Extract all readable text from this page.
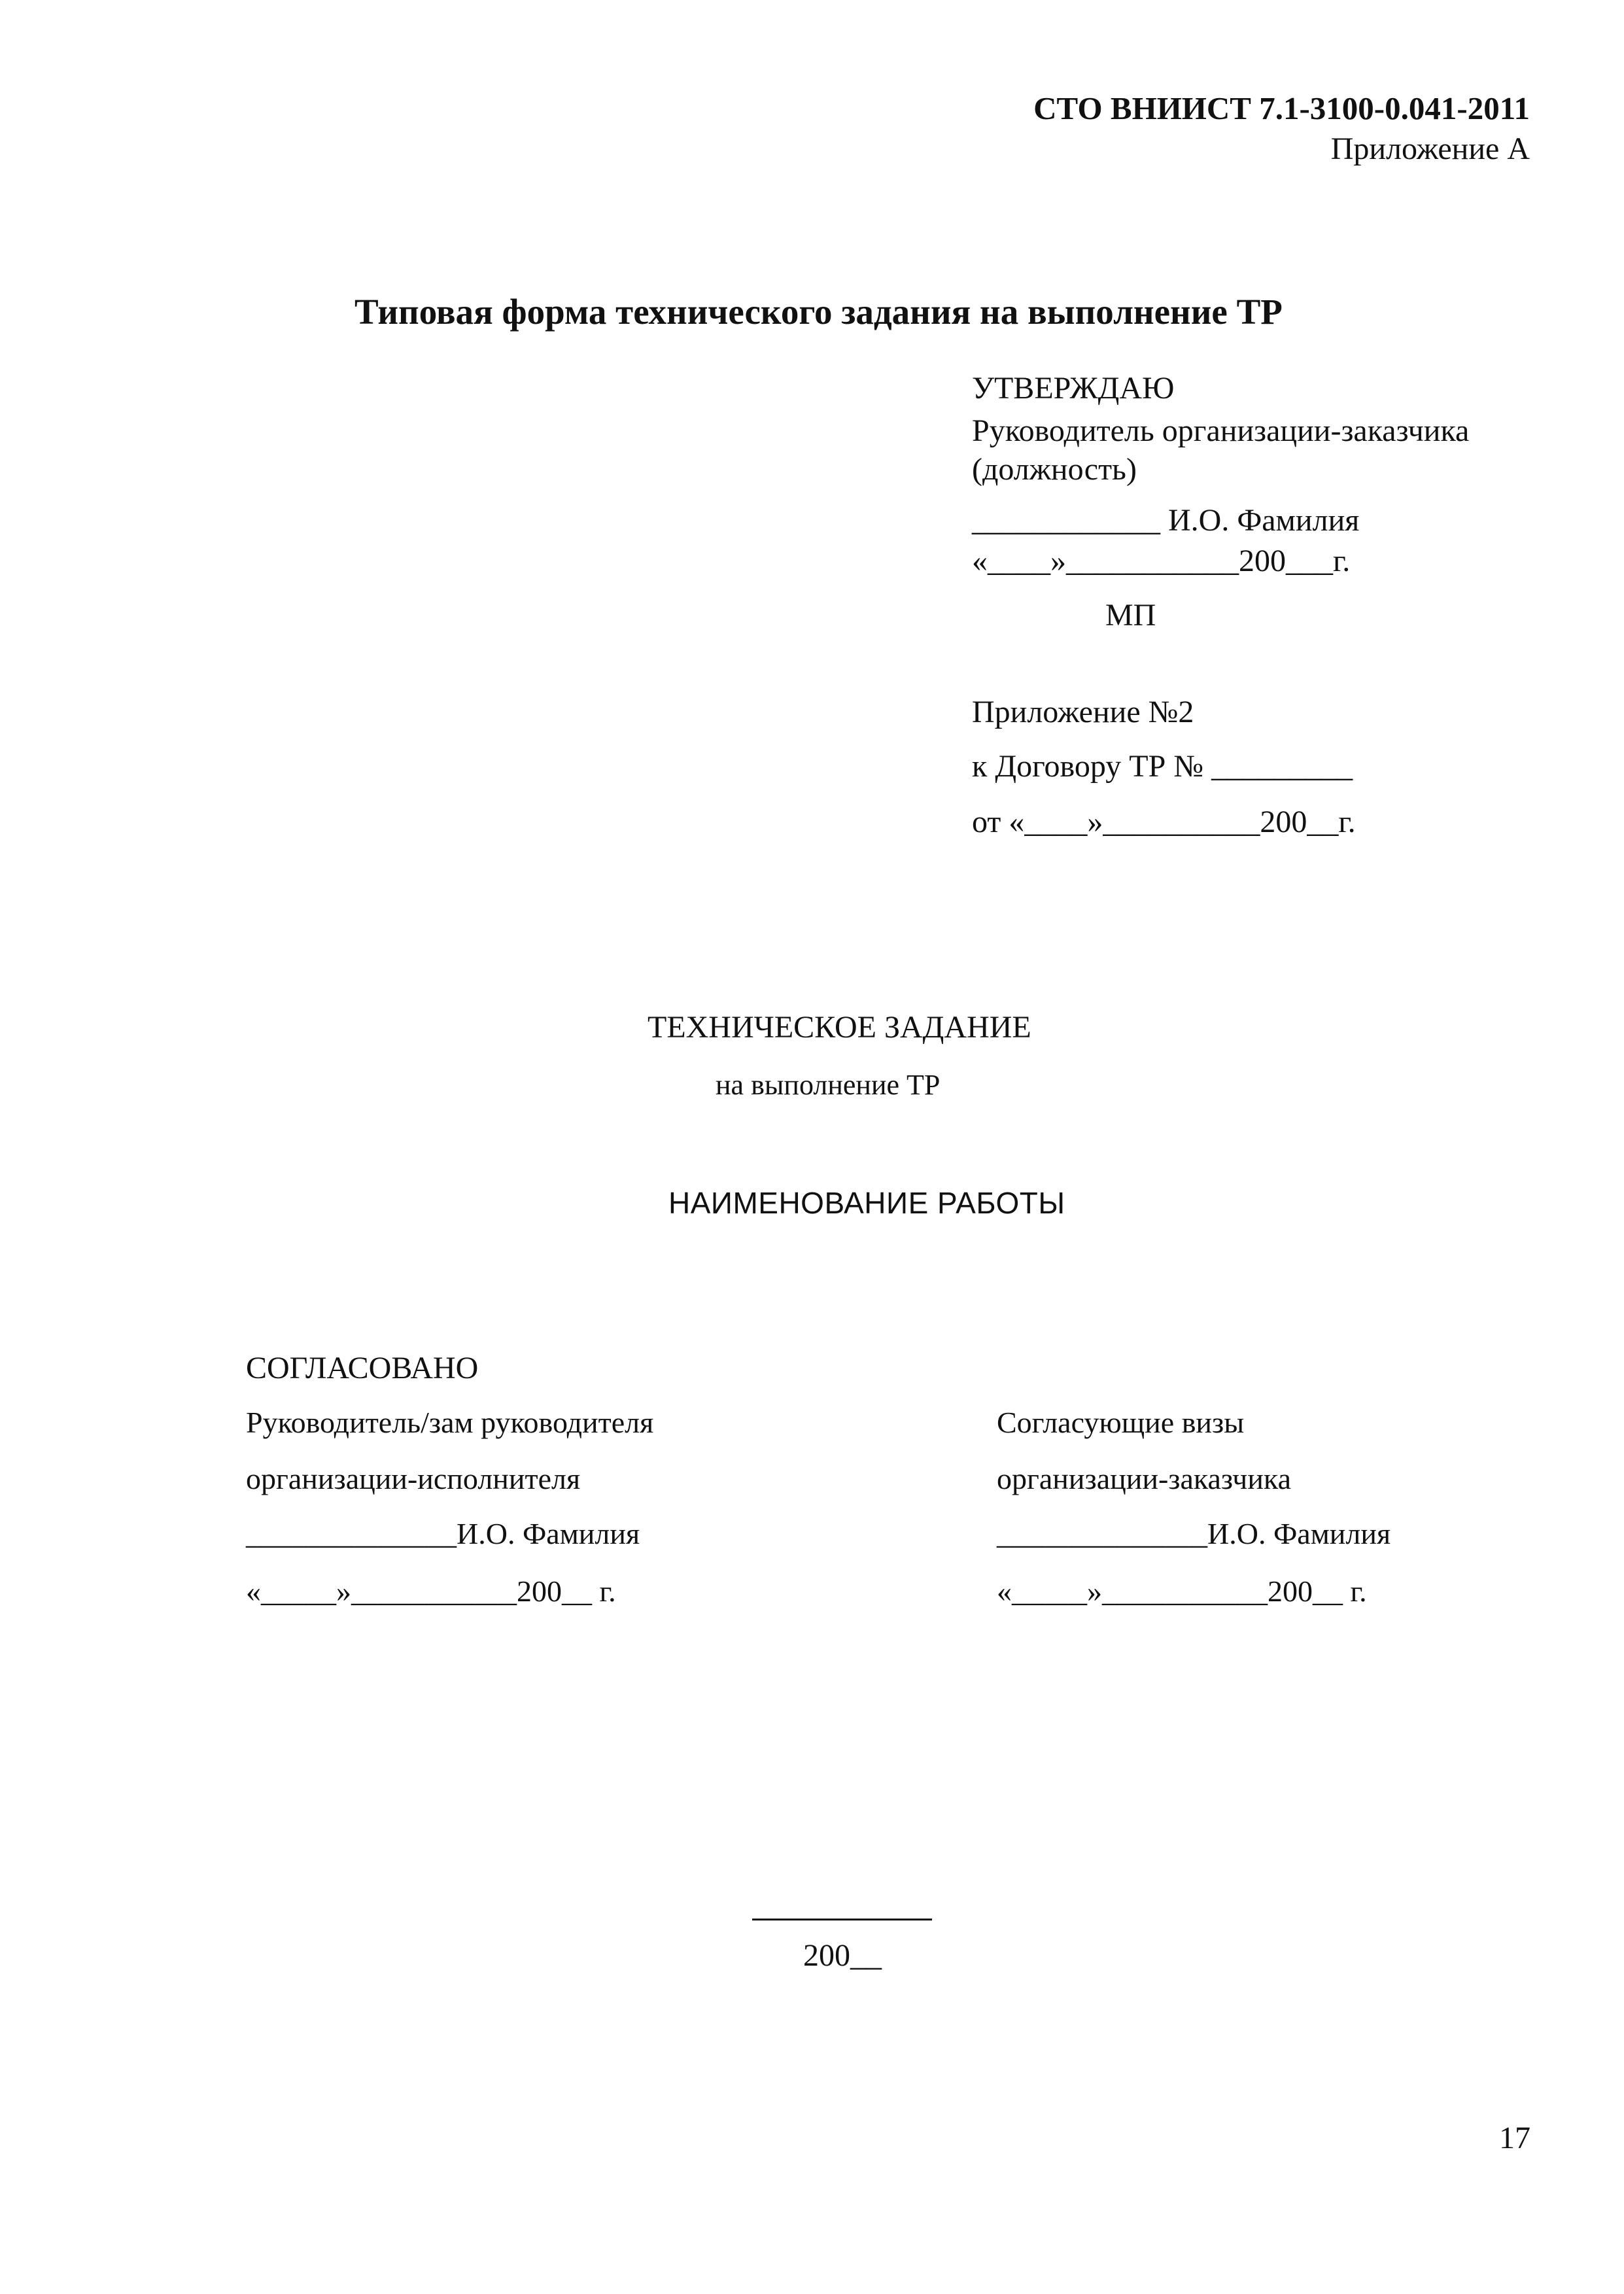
СТО ВНИИСТ 7.1-3100-0.041-2011
Приложение А
Типовая форма технического задания на выполнение ТР
УТВЕРЖДАЮ
Руководитель организации-заказчика
(должность)
____________ И.О. Фамилия
«____»___________200___г.
МП
Приложение №2
к Договору ТР № _________
от «____»__________200__г.
ТЕХНИЧЕСКОЕ ЗАДАНИЕ
на выполнение ТР
НАИМЕНОВАНИЕ РАБОТЫ
СОГЛАСОВАНО
Руководитель/зам руководителя
организации-исполнителя
______________И.О. Фамилия
«_____»___________200__ г.
Согласующие визы
организации-заказчика
______________И.О. Фамилия
«_____»___________200__ г.
200__
17
